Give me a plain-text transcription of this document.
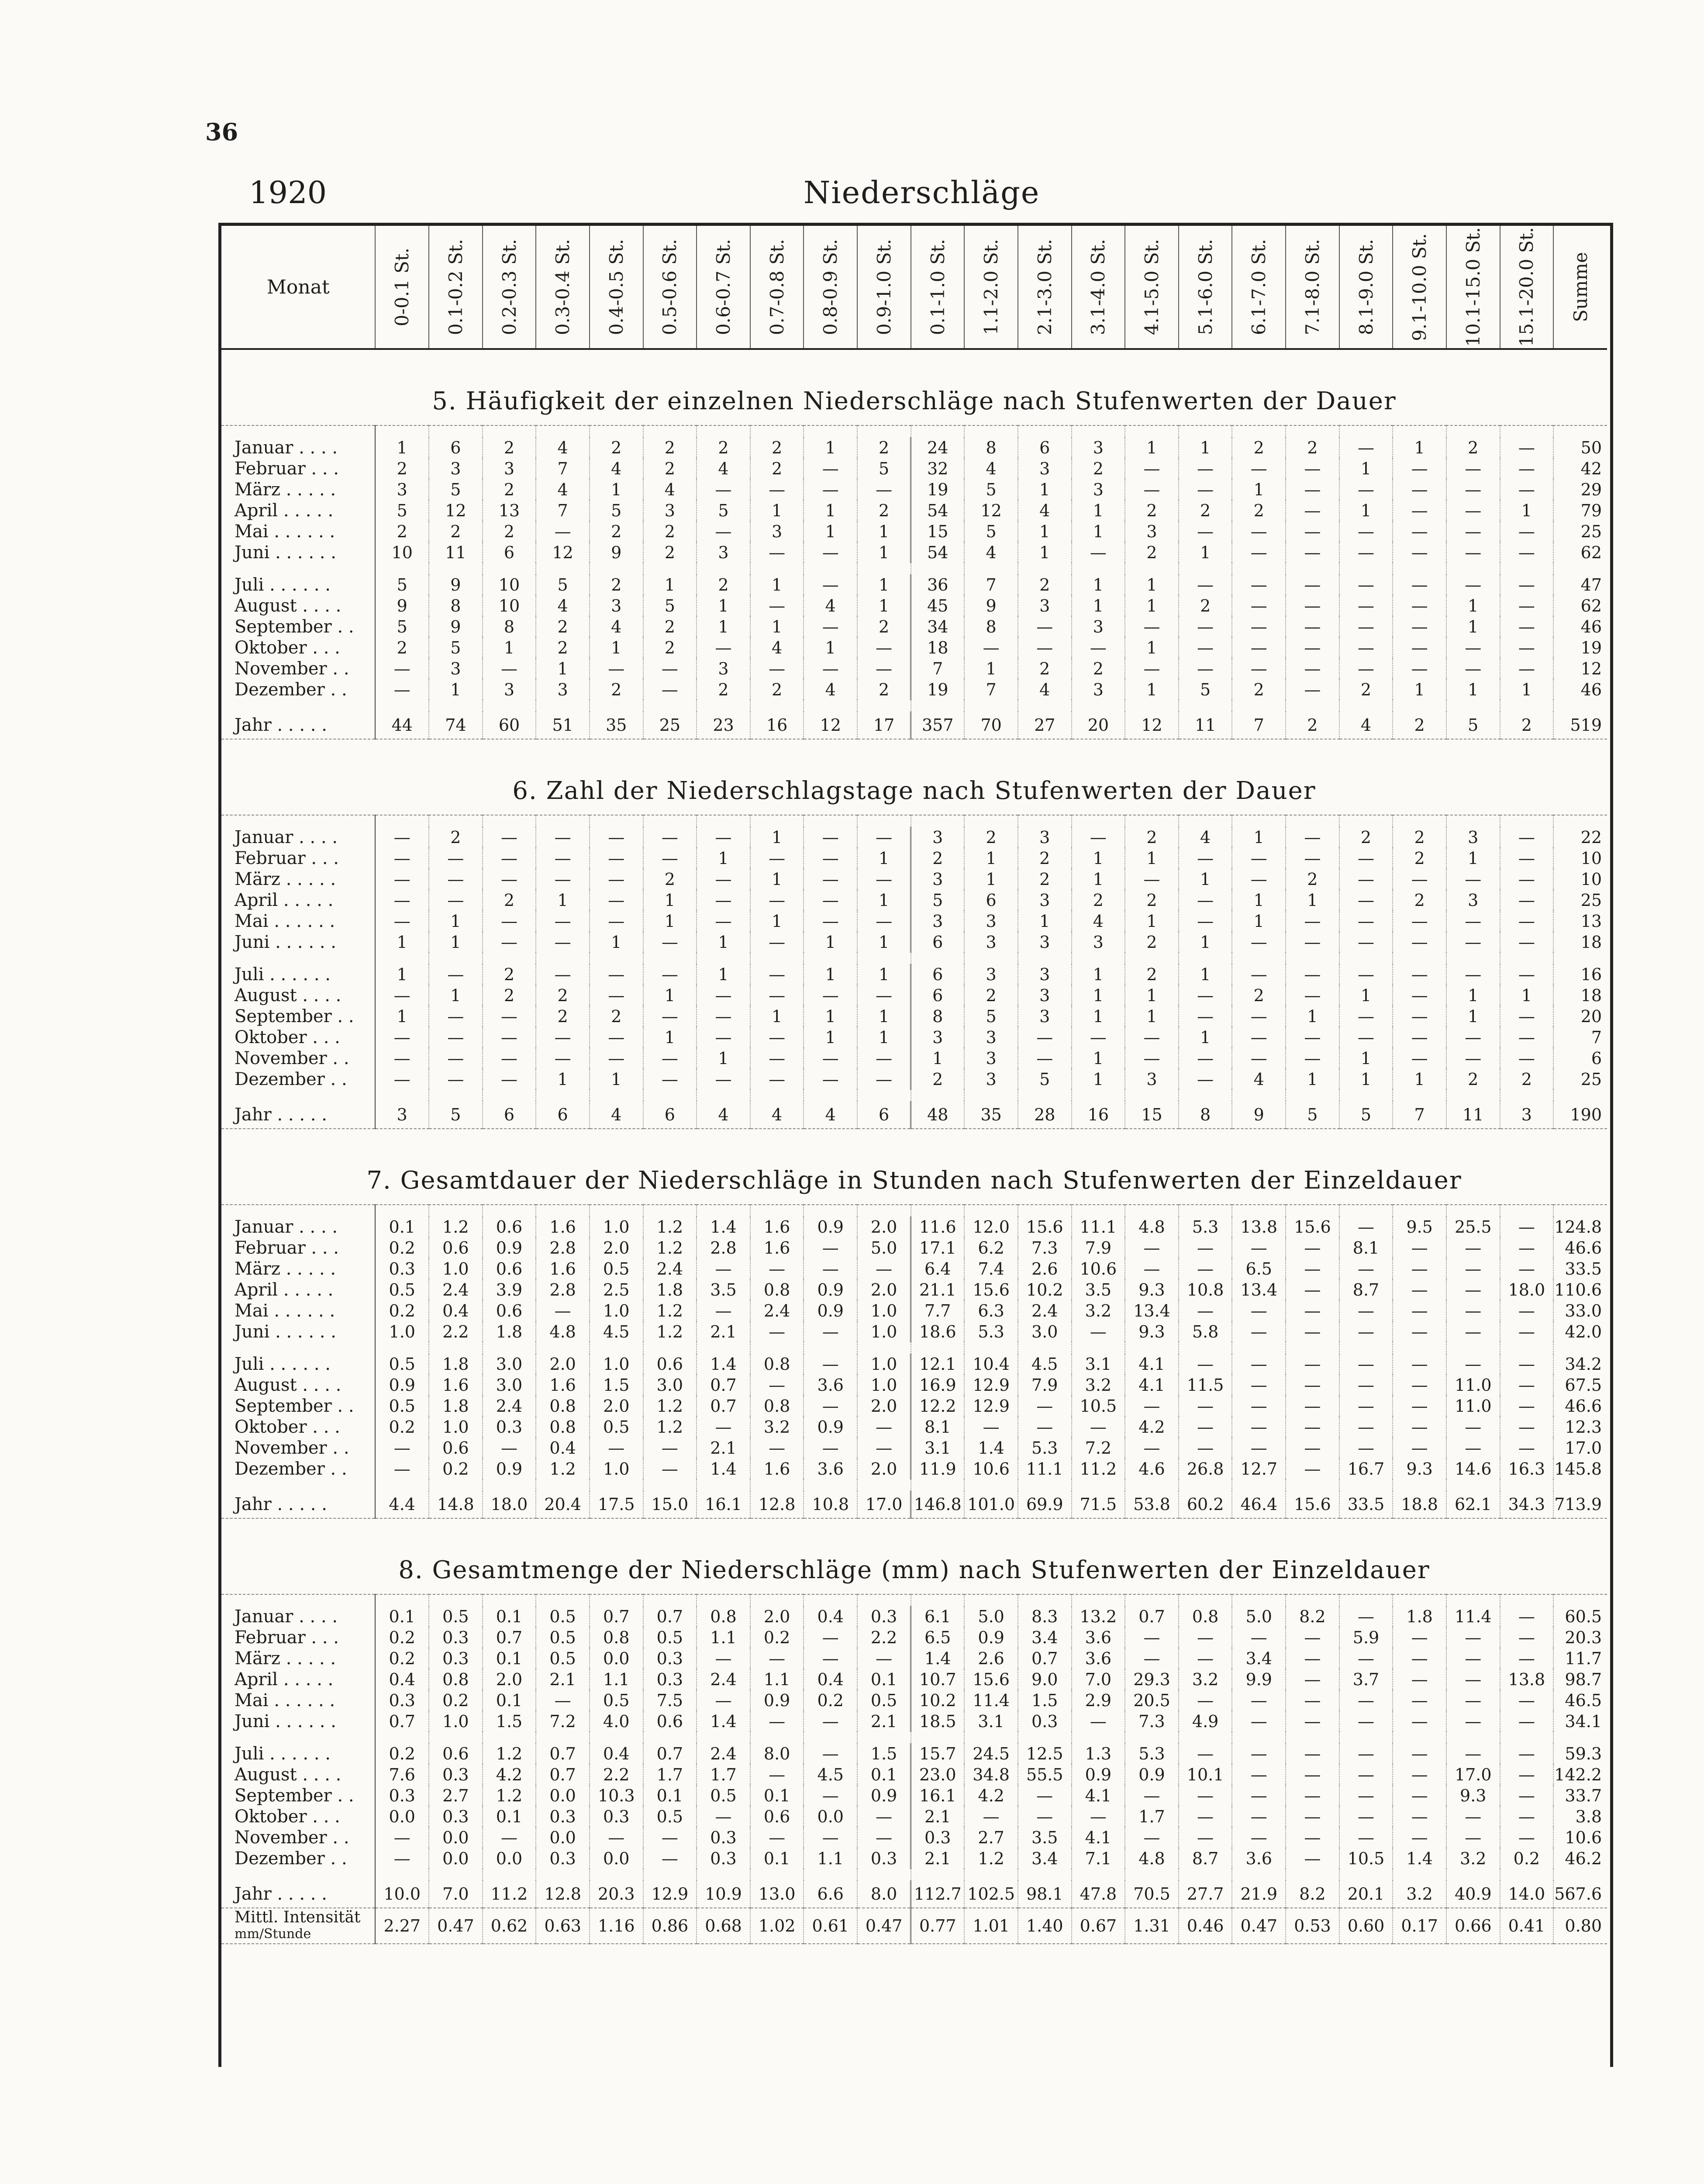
36
1920	Niederschläge
Monat	0-0.1 St.	0.1-0.2 St.	0.2-0.3 St.	0.3-0.4 St.	0.4-0.5 St.	0.5-0.6 St.	0.6-0.7 St.	0.7-0.8 St.	0.8-0.9 St.	0.9-1.0 St.	0.1-1.0 St.	1.1-2.0 St.	2.1-3.0 St.	3.1-4.0 St.	4.1-5.0 St.	5.1-6.0 St.	6.1-7.0 St.	7.1-8.0 St.	8.1-9.0 St.	9.1-10.0 St.	10.1-15.0 St.	15.1-20.0 St.	Summe

5. Häufigkeit der einzelnen Niederschläge nach Stufenwerten der Dauer																							

Januar . . . .	1	6	2	4	2	2	2	2	1	2	24	8	6	3	1	1	2	2	—	1	2	—	50
Februar . . .	2	3	3	7	4	2	4	2	—	5	32	4	3	2	—	—	—	—	1	—	—	—	42
März . . . . .	3	5	2	4	1	4	—	—	—	—	19	5	1	3	—	—	1	—	—	—	—	—	29
April . . . . .	5	12	13	7	5	3	5	1	1	2	54	12	4	1	2	2	2	—	1	—	—	1	79
Mai . . . . . .	2	2	2	—	2	2	—	3	1	1	15	5	1	1	3	—	—	—	—	—	—	—	25
Juni . . . . . .	10	11	6	12	9	2	3	—	—	1	54	4	1	—	2	1	—	—	—	—	—	—	62

Juli . . . . . .	5	9	10	5	2	1	2	1	—	1	36	7	2	1	1	—	—	—	—	—	—	—	47
August . . . .	9	8	10	4	3	5	1	—	4	1	45	9	3	1	1	2	—	—	—	—	1	—	62
September . .	5	9	8	2	4	2	1	1	—	2	34	8	—	3	—	—	—	—	—	—	1	—	46
Oktober . . .	2	5	1	2	1	2	—	4	1	—	18	—	—	—	1	—	—	—	—	—	—	—	19
November . .	—	3	—	1	—	—	3	—	—	—	7	1	2	2	—	—	—	—	—	—	—	—	12
Dezember . .	—	1	3	3	2	—	2	2	4	2	19	7	4	3	1	5	2	—	2	1	1	1	46

Jahr . . . . .	44	74	60	51	35	25	23	16	12	17	357	70	27	20	12	11	7	2	4	2	5	2	519
6. Zahl der Niederschlagstage nach Stufenwerten der Dauer																							

Januar . . . .	—	2	—	—	—	—	—	1	—	—	3	2	3	—	2	4	1	—	2	2	3	—	22
Februar . . .	—	—	—	—	—	—	1	—	—	1	2	1	2	1	1	—	—	—	—	2	1	—	10
März . . . . .	—	—	—	—	—	2	—	1	—	—	3	1	2	1	—	1	—	2	—	—	—	—	10
April . . . . .	—	—	2	1	—	1	—	—	—	1	5	6	3	2	2	—	1	1	—	2	3	—	25
Mai . . . . . .	—	1	—	—	—	1	—	1	—	—	3	3	1	4	1	—	1	—	—	—	—	—	13
Juni . . . . . .	1	1	—	—	1	—	1	—	1	1	6	3	3	3	2	1	—	—	—	—	—	—	18

Juli . . . . . .	1	—	2	—	—	—	1	—	1	1	6	3	3	1	2	1	—	—	—	—	—	—	16
August . . . .	—	1	2	2	—	1	—	—	—	—	6	2	3	1	1	—	2	—	1	—	1	1	18
September . .	1	—	—	2	2	—	—	1	1	1	8	5	3	1	1	—	—	1	—	—	1	—	20
Oktober . . .	—	—	—	—	—	1	—	—	1	1	3	3	—	—	—	1	—	—	—	—	—	—	7
November . .	—	—	—	—	—	—	1	—	—	—	1	3	—	1	—	—	—	—	1	—	—	—	6
Dezember . .	—	—	—	1	1	—	—	—	—	—	2	3	5	1	3	—	4	1	1	1	2	2	25

Jahr . . . . .	3	5	6	6	4	6	4	4	4	6	48	35	28	16	15	8	9	5	5	7	11	3	190
7. Gesamtdauer der Niederschläge in Stunden nach Stufenwerten der Einzeldauer																							

Januar . . . .	0.1	1.2	0.6	1.6	1.0	1.2	1.4	1.6	0.9	2.0	11.6	12.0	15.6	11.1	4.8	5.3	13.8	15.6	—	9.5	25.5	—	124.8
Februar . . .	0.2	0.6	0.9	2.8	2.0	1.2	2.8	1.6	—	5.0	17.1	6.2	7.3	7.9	—	—	—	—	8.1	—	—	—	46.6
März . . . . .	0.3	1.0	0.6	1.6	0.5	2.4	—	—	—	—	6.4	7.4	2.6	10.6	—	—	6.5	—	—	—	—	—	33.5
April . . . . .	0.5	2.4	3.9	2.8	2.5	1.8	3.5	0.8	0.9	2.0	21.1	15.6	10.2	3.5	9.3	10.8	13.4	—	8.7	—	—	18.0	110.6
Mai . . . . . .	0.2	0.4	0.6	—	1.0	1.2	—	2.4	0.9	1.0	7.7	6.3	2.4	3.2	13.4	—	—	—	—	—	—	—	33.0
Juni . . . . . .	1.0	2.2	1.8	4.8	4.5	1.2	2.1	—	—	1.0	18.6	5.3	3.0	—	9.3	5.8	—	—	—	—	—	—	42.0

Juli . . . . . .	0.5	1.8	3.0	2.0	1.0	0.6	1.4	0.8	—	1.0	12.1	10.4	4.5	3.1	4.1	—	—	—	—	—	—	—	34.2
August . . . .	0.9	1.6	3.0	1.6	1.5	3.0	0.7	—	3.6	1.0	16.9	12.9	7.9	3.2	4.1	11.5	—	—	—	—	11.0	—	67.5
September . .	0.5	1.8	2.4	0.8	2.0	1.2	0.7	0.8	—	2.0	12.2	12.9	—	10.5	—	—	—	—	—	—	11.0	—	46.6
Oktober . . .	0.2	1.0	0.3	0.8	0.5	1.2	—	3.2	0.9	—	8.1	—	—	—	4.2	—	—	—	—	—	—	—	12.3
November . .	—	0.6	—	0.4	—	—	2.1	—	—	—	3.1	1.4	5.3	7.2	—	—	—	—	—	—	—	—	17.0
Dezember . .	—	0.2	0.9	1.2	1.0	—	1.4	1.6	3.6	2.0	11.9	10.6	11.1	11.2	4.6	26.8	12.7	—	16.7	9.3	14.6	16.3	145.8

Jahr . . . . .	4.4	14.8	18.0	20.4	17.5	15.0	16.1	12.8	10.8	17.0	146.8	101.0	69.9	71.5	53.8	60.2	46.4	15.6	33.5	18.8	62.1	34.3	713.9
8. Gesamtmenge der Niederschläge (mm) nach Stufenwerten der Einzeldauer																							

Januar . . . .	0.1	0.5	0.1	0.5	0.7	0.7	0.8	2.0	0.4	0.3	6.1	5.0	8.3	13.2	0.7	0.8	5.0	8.2	—	1.8	11.4	—	60.5
Februar . . .	0.2	0.3	0.7	0.5	0.8	0.5	1.1	0.2	—	2.2	6.5	0.9	3.4	3.6	—	—	—	—	5.9	—	—	—	20.3
März . . . . .	0.2	0.3	0.1	0.5	0.0	0.3	—	—	—	—	1.4	2.6	0.7	3.6	—	—	3.4	—	—	—	—	—	11.7
April . . . . .	0.4	0.8	2.0	2.1	1.1	0.3	2.4	1.1	0.4	0.1	10.7	15.6	9.0	7.0	29.3	3.2	9.9	—	3.7	—	—	13.8	98.7
Mai . . . . . .	0.3	0.2	0.1	—	0.5	7.5	—	0.9	0.2	0.5	10.2	11.4	1.5	2.9	20.5	—	—	—	—	—	—	—	46.5
Juni . . . . . .	0.7	1.0	1.5	7.2	4.0	0.6	1.4	—	—	2.1	18.5	3.1	0.3	—	7.3	4.9	—	—	—	—	—	—	34.1

Juli . . . . . .	0.2	0.6	1.2	0.7	0.4	0.7	2.4	8.0	—	1.5	15.7	24.5	12.5	1.3	5.3	—	—	—	—	—	—	—	59.3
August . . . .	7.6	0.3	4.2	0.7	2.2	1.7	1.7	—	4.5	0.1	23.0	34.8	55.5	0.9	0.9	10.1	—	—	—	—	17.0	—	142.2
September . .	0.3	2.7	1.2	0.0	10.3	0.1	0.5	0.1	—	0.9	16.1	4.2	—	4.1	—	—	—	—	—	—	9.3	—	33.7
Oktober . . .	0.0	0.3	0.1	0.3	0.3	0.5	—	0.6	0.0	—	2.1	—	—	—	1.7	—	—	—	—	—	—	—	3.8
November . .	—	0.0	—	0.0	—	—	0.3	—	—	—	0.3	2.7	3.5	4.1	—	—	—	—	—	—	—	—	10.6
Dezember . .	—	0.0	0.0	0.3	0.0	—	0.3	0.1	1.1	0.3	2.1	1.2	3.4	7.1	4.8	8.7	3.6	—	10.5	1.4	3.2	0.2	46.2

Jahr . . . . .	10.0	7.0	11.2	12.8	20.3	12.9	10.9	13.0	6.6	8.0	112.7	102.5	98.1	47.8	70.5	27.7	21.9	8.2	20.1	3.2	40.9	14.0	567.6
Mittl. Intensität
mm/Stunde	2.27	0.47	0.62	0.63	1.16	0.86	0.68	1.02	0.61	0.47	0.77	1.01	1.40	0.67	1.31	0.46	0.47	0.53	0.60	0.17	0.66	0.41	0.80
